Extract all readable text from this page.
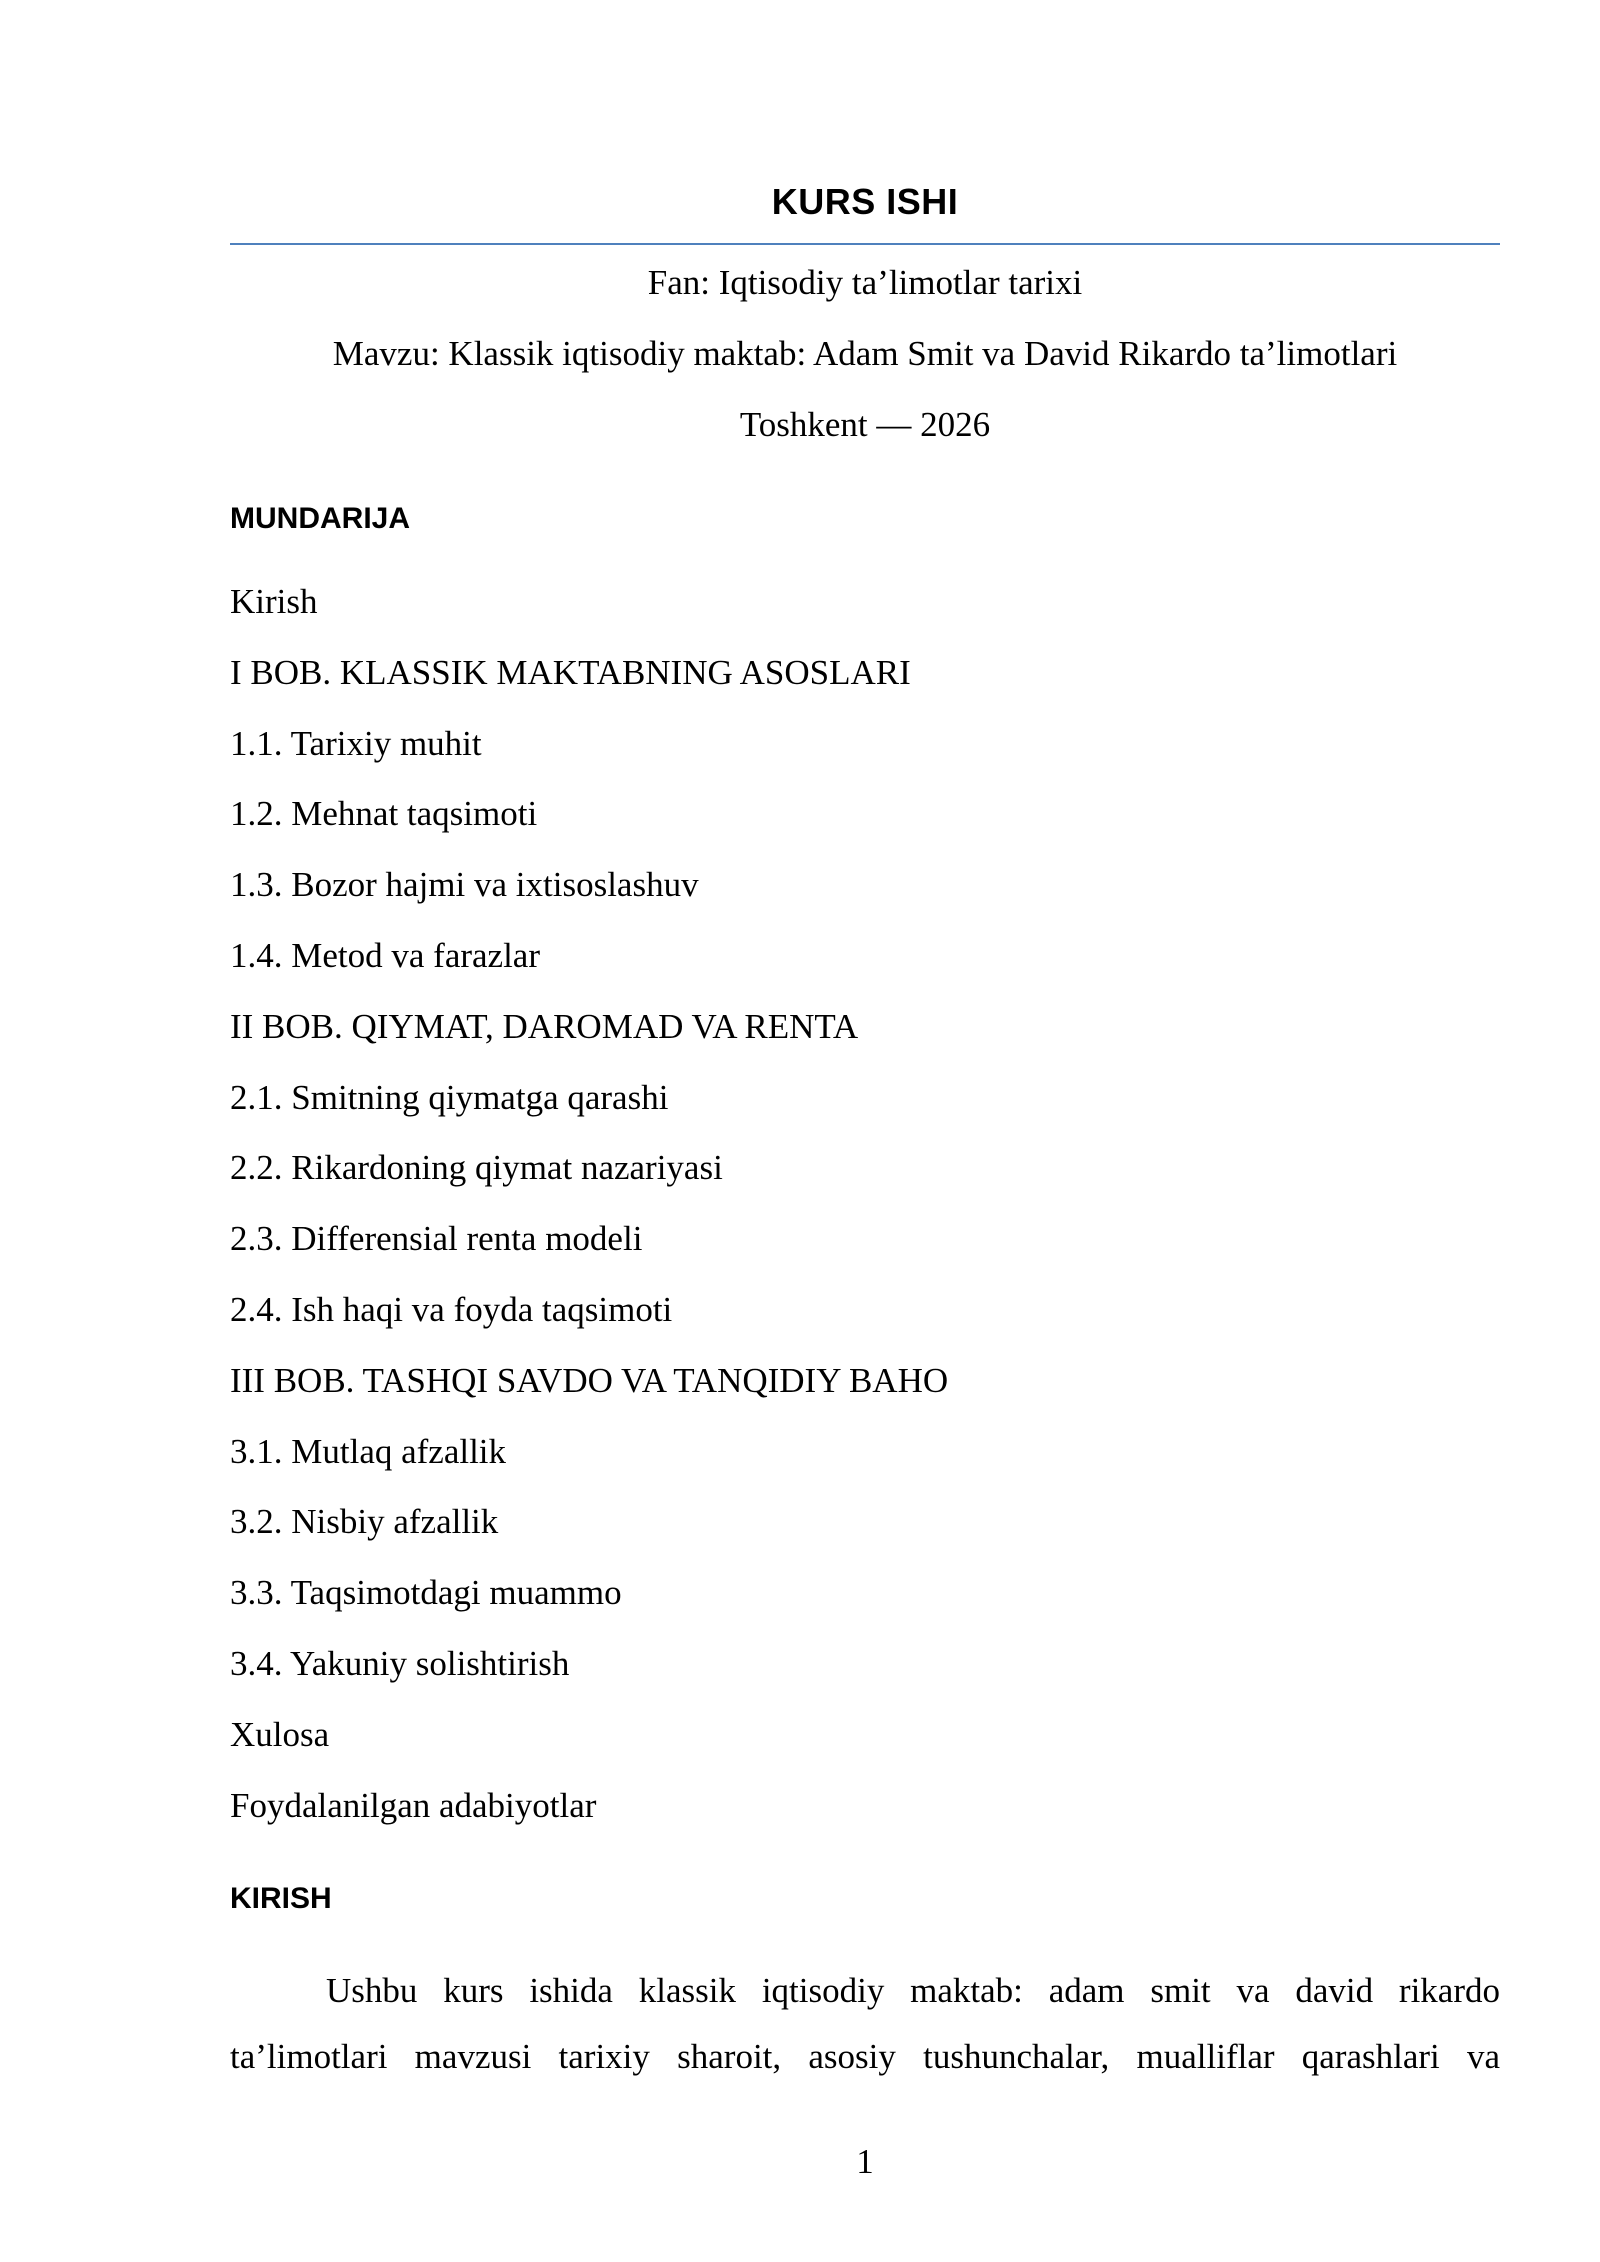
KURS ISHI
Fan: Iqtisodiy ta’limotlar tarixi
Mavzu: Klassik iqtisodiy maktab: Adam Smit va David Rikardo ta’limotlari
Toshkent — 2026
MUNDARIJA
Kirish
I BOB. KLASSIK MAKTABNING ASOSLARI
1.1. Tarixiy muhit
1.2. Mehnat taqsimoti
1.3. Bozor hajmi va ixtisoslashuv
1.4. Metod va farazlar
II BOB. QIYMAT, DAROMAD VA RENTA
2.1. Smitning qiymatga qarashi
2.2. Rikardoning qiymat nazariyasi
2.3. Differensial renta modeli
2.4. Ish haqi va foyda taqsimoti
III BOB. TASHQI SAVDO VA TANQIDIY BAHO
3.1. Mutlaq afzallik
3.2. Nisbiy afzallik
3.3. Taqsimotdagi muammo
3.4. Yakuniy solishtirish
Xulosa
Foydalanilgan adabiyotlar
KIRISH
Ushbu kurs ishida klassik iqtisodiy maktab: adam smit va david rikardo
ta’limotlari mavzusi tarixiy sharoit, asosiy tushunchalar, mualliflar qarashlari va
1
